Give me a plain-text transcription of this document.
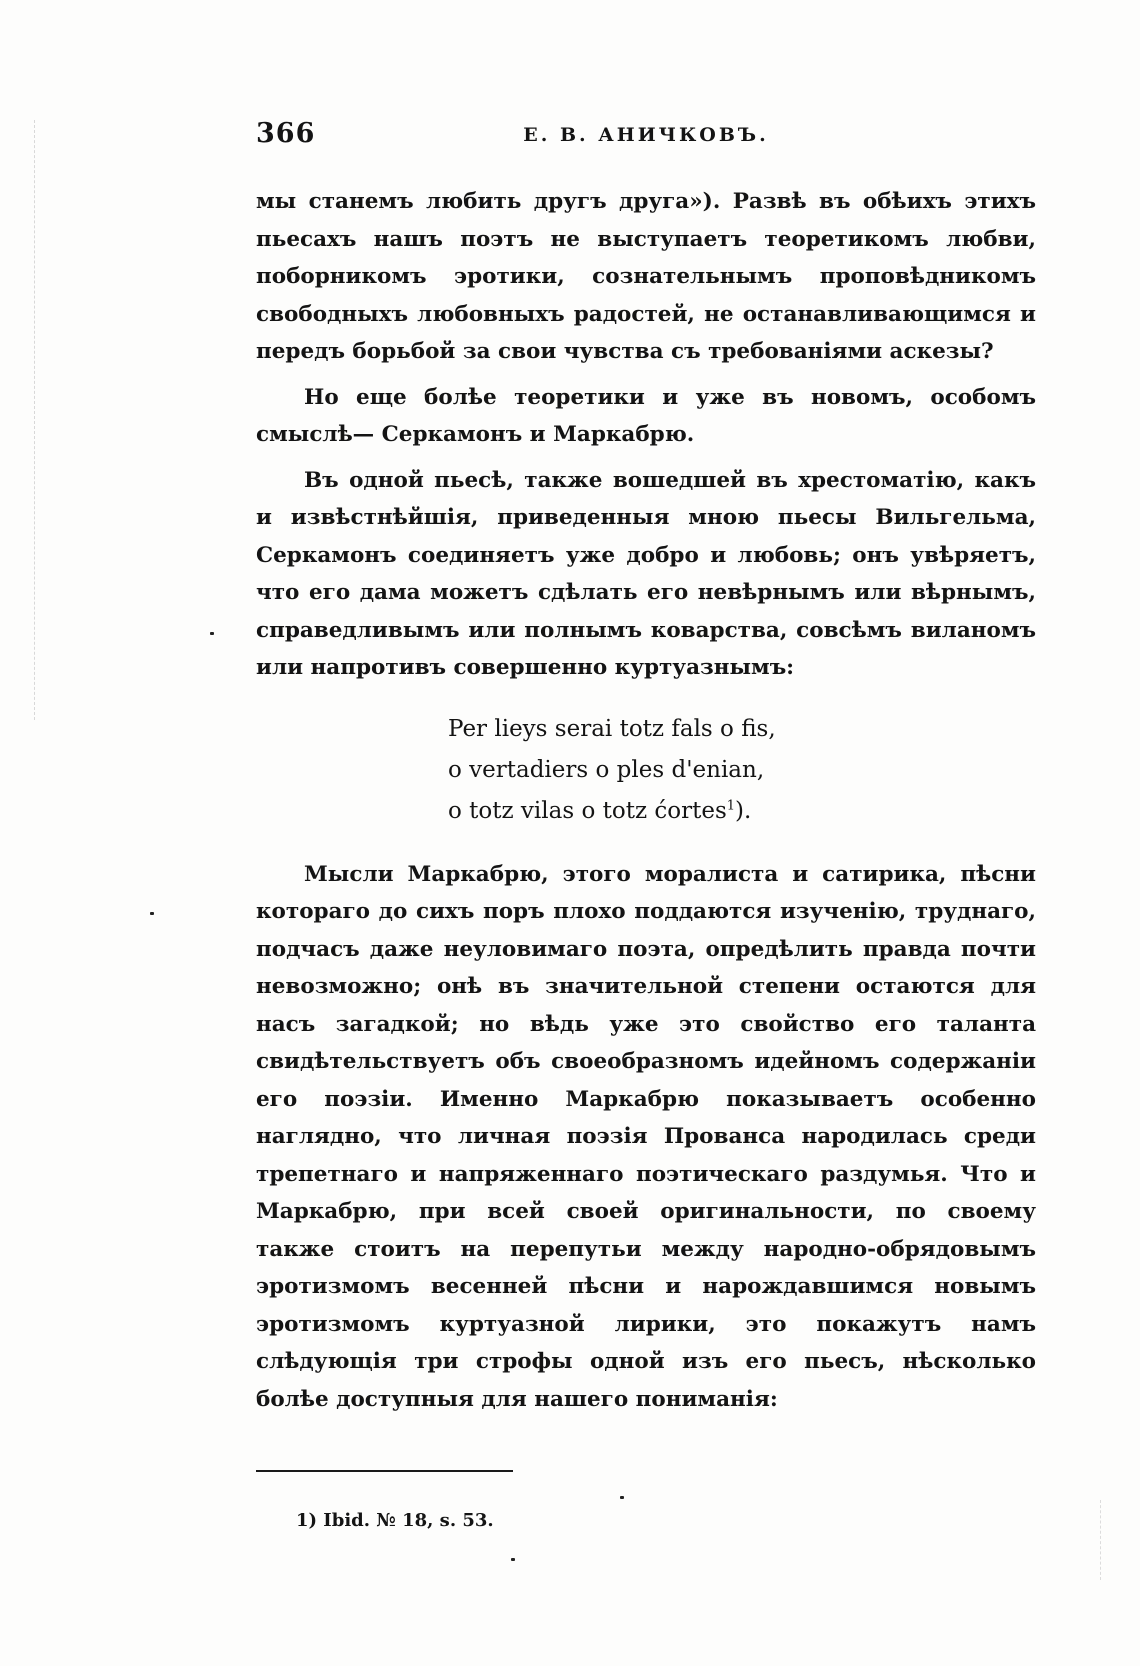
366	Е. В. АНИЧКОВЪ.

мы станемъ любить другъ друга»). Развѣ въ обѣихъ этихъ пьесахъ нашъ поэтъ не выступаетъ теоретикомъ любви, поборникомъ эротики, сознательнымъ проповѣдникомъ свободныхъ любовныхъ радостей, не останавливающимся и передъ борьбой за свои чувства съ требованіями аскезы?

Но еще болѣе теоретики и уже въ новомъ, особомъ смыслѣ— Серкамонъ и Маркабрю.

Въ одной пьесѣ, также вошедшей въ хрестоматію, какъ и извѣстнѣйшія, приведенныя мною пьесы Вильгельма, Серкамонъ соединяетъ уже добро и любовь; онъ увѣряетъ, что его дама можетъ сдѣлать его невѣрнымъ или вѣрнымъ, справедливымъ или полнымъ коварства, совсѣмъ виланомъ или напротивъ совершенно куртуазнымъ:

Per lieys serai totz fals o fis,
o vertadiers o ples d'enian,
o totz vilas o totz ćortes$^1$).

Мысли Маркабрю, этого моралиста и сатирика, пѣсни котораго до сихъ поръ плохо поддаются изученію, труднаго, подчасъ даже неуловимаго поэта, опредѣлить правда почти невозможно; онѣ въ значительной степени остаются для насъ загадкой; но вѣдь уже это свойство его таланта свидѣтельствуетъ объ своеобразномъ идейномъ содержаніи его поэзіи. Именно Маркабрю показываетъ особенно наглядно, что личная поэзія Прованса народилась среди трепетнаго и напряженнаго поэтическаго раздумья. Что и Маркабрю, при всей своей оригинальности, по своему также стоитъ на перепутьи между народно-обрядовымъ эротизмомъ весенней пѣсни и нарождавшимся новымъ эротизмомъ куртуазной лирики, это покажутъ намъ слѣдующія три строфы одной изъ его пьесъ, нѣсколько болѣе доступныя для нашего пониманія:

1) Ibid. № 18, s. 53.
